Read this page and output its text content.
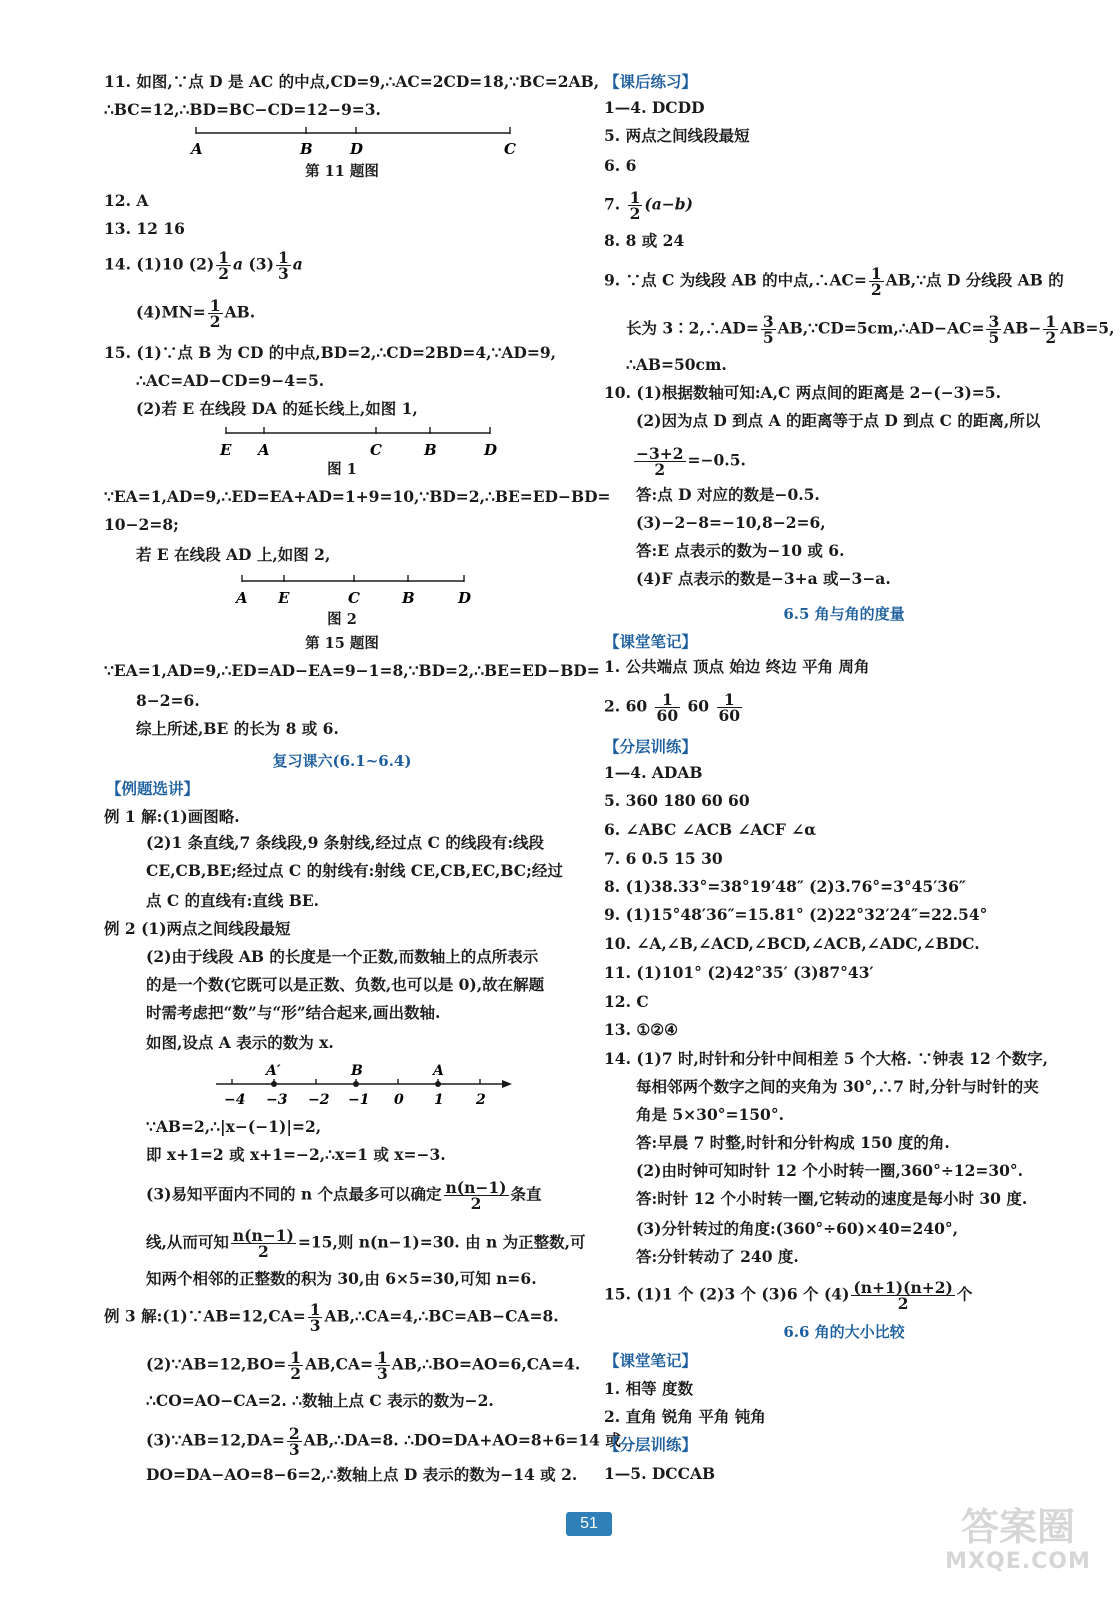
11. 如图,∵点 D 是 AC 的中点,CD=9,∴AC=2CD=18,∵BC=2AB,
∴BC=12,∴BD=BC−CD=12−9=3.
A	B D	C
第 11 题图
12. A
13. 12 16
14. (1)10 $(2) \frac{1}{2}$ a $(3) \frac{1}{3}$ a
$(4)MN= \frac{1}{2}$ AB.
15. (1)∵点 B 为 CD 的中点,BD=2,∴CD=2BD=4,∵AD=9,
∴AC=AD−CD=9−4=5.
(2)若 E 在线段 DA 的延长线上,如图 1,
E A	C	B	D
图 1
∵EA=1,AD=9,∴ED=EA+AD=1+9=10,∵BD=2,∴BE=ED−BD=
10−2=8;
若 E 在线段 AD 上,如图 2,
A E	C	B	D
图 2
第 15 题图
∵EA=1,AD=9,∴ED=AD−EA=9−1=8,∵BD=2,∴BE=ED−BD=
8−2=6.
综上所述,BE 的长为 8 或 6.
复习课六(6.1~6.4)
【例题选讲】
例 1 解:(1)画图略.
(2)1 条直线,7 条线段,9 条射线,经过点 C 的线段有:线段
CE,CB,BE;经过点 C 的射线有:射线 CE,CB,EC,BC;经过
点 C 的直线有:直线 BE.
例 2 (1)两点之间线段最短
(2)由于线段 AB 的长度是一个正数,而数轴上的点所表示
的是一个数(它既可以是正数、负数,也可以是 0),故在解题
时需考虑把“数”与“形”结合起来,画出数轴.
如图,设点 A 表示的数为 x.
A′	B	A
−4 −3 −2 −1 0 1 2
∵AB=2,∴|x−(−1)|=2,
即 x+1=2 或 x+1=−2,∴x=1 或 x=−3.
(3)易知平面内不同的 n 个点最多可以确定 $\frac{n(n-1)}{2}$ 条直
线,从而可知 $\frac{n(n-1)}{2} =15$,则 n(n−1)=30. 由 n 为正整数,可
知两个相邻的正整数的积为 30,由 6×5=30,可知 n=6.
例 3 解:(1)∵AB=12,CA= $\frac{1}{3}$ AB,∴CA=4,∴BC=AB−CA=8.
(2)∵AB=12,BO= $\frac{1}{2} AB,CA= \frac{1}{3}$ AB,∴BO=AO=6,CA=4.
∴CO=AO−CA=2. ∴数轴上点 C 表示的数为−2.
(3)∵AB=12,DA= $\frac{2}{3}$ AB,∴DA=8. ∴DO=DA+AO=8+6=14 或
DO=DA−AO=8−6=2,∴数轴上点 D 表示的数为−14 或 2.
【课后练习】
1—4. DCDD
5. 两点之间线段最短
6. 6
7. $\frac{1}{2} (a-b)$
8. 8 或 24
9. ∵点 C 为线段 AB 的中点,∴AC= $\frac{1}{2}$ AB,∵点 D 分线段 AB 的
长为 3∶2,∴AD= $\frac{3}{5}$ AB,∵CD=5cm,∴AD−AC= $\frac{3}{5} AB- \frac{1}{2} AB=5$,
∴AB=50cm.
10. (1)根据数轴可知:A,C 两点间的距离是 2−(−3)=5.
(2)因为点 D 到点 A 的距离等于点 D 到点 C 的距离,所以
$\frac{-3+2}{2} =-0.5$.
答:点 D 对应的数是−0.5.
(3)−2−8=−10,8−2=6,
答:E 点表示的数为−10 或 6.
(4)F 点表示的数是−3+a 或−3−a.
6.5 角与角的度量
【课堂笔记】
1. 公共端点 顶点 始边 终边 平角 周角
2. $60 \frac{1}{60} 60 \frac{1}{60}$
【分层训练】
1—4. ADAB
5. 360 180 60 60
6. ∠ABC ∠ACB ∠ACF ∠α
7. 6 0.5 15 30
8. (1)38.33°=38°19′48″ (2)3.76°=3°45′36″
9. (1)15°48′36″=15.81° (2)22°32′24″=22.54°
10. ∠A,∠B,∠ACD,∠BCD,∠ACB,∠ADC,∠BDC.
11. (1)101° (2)42°35′ (3)87°43′
12. C
13. ①②④
14. (1)7 时,时针和分针中间相差 5 个大格. ∵钟表 12 个数字,
每相邻两个数字之间的夹角为 30°,∴7 时,分针与时针的夹
角是 5×30°=150°.
答:早晨 7 时整,时针和分针构成 150 度的角.
(2)由时钟可知时针 12 个小时转一圈,360°÷12=30°.
答:时针 12 个小时转一圈,它转动的速度是每小时 30 度.
(3)分针转过的角度:(360°÷60)×40=240°,
答:分针转动了 240 度.
15. (1)1 个 (2)3 个 (3)6 个 $(4) \frac{(n+1)(n+2)}{2}$ 个
6.6 角的大小比较
【课堂笔记】
1. 相等 度数
2. 直角 锐角 平角 钝角
【分层训练】
1—5. DCCAB
51	答案圈
MXQE.COM
